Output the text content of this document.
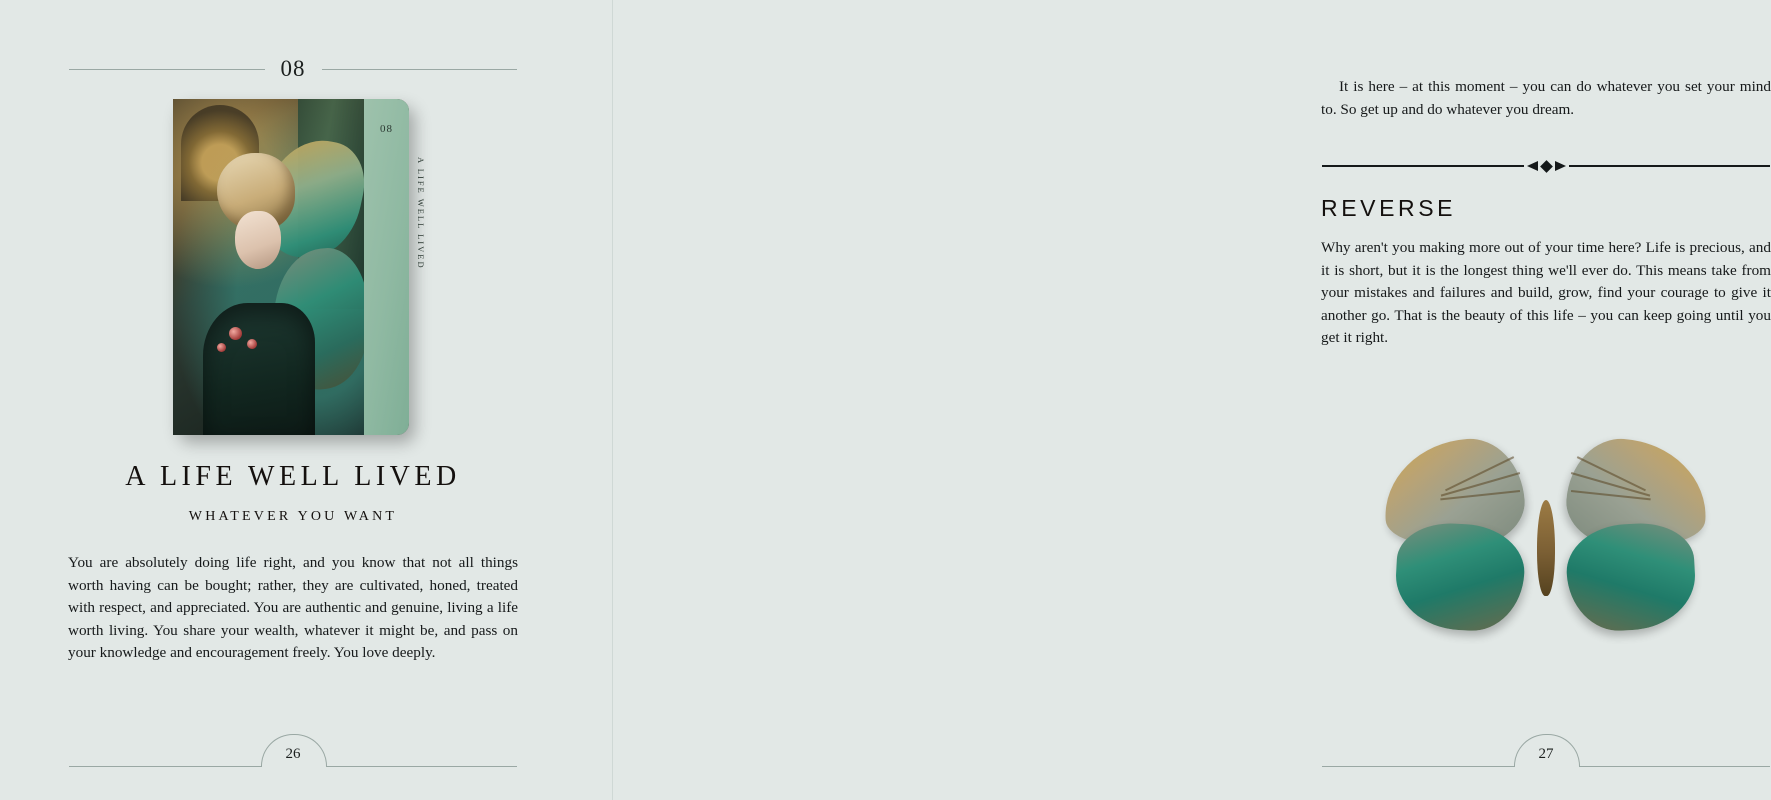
08
08
A LIFE WELL LIVED
A LIFE WELL LIVED
WHATEVER YOU WANT
You are absolutely doing life right, and you know that not all things worth having can be bought; rather, they are cultivated, honed, treated with respect, and appreciated. You are authentic and genuine, living a life worth living. You share your wealth, whatever it might be, and pass on your knowledge and encouragement freely. You love deeply.
26
It is here – at this moment – you can do whatever you set your mind to. So get up and do whatever you dream.
REVERSE
Why aren't you making more out of your time here? Life is precious, and it is short, but it is the longest thing we'll ever do. This means take from your mistakes and failures and build, grow, find your courage to give it another go. That is the beauty of this life – you can keep going until you get it right.
27
